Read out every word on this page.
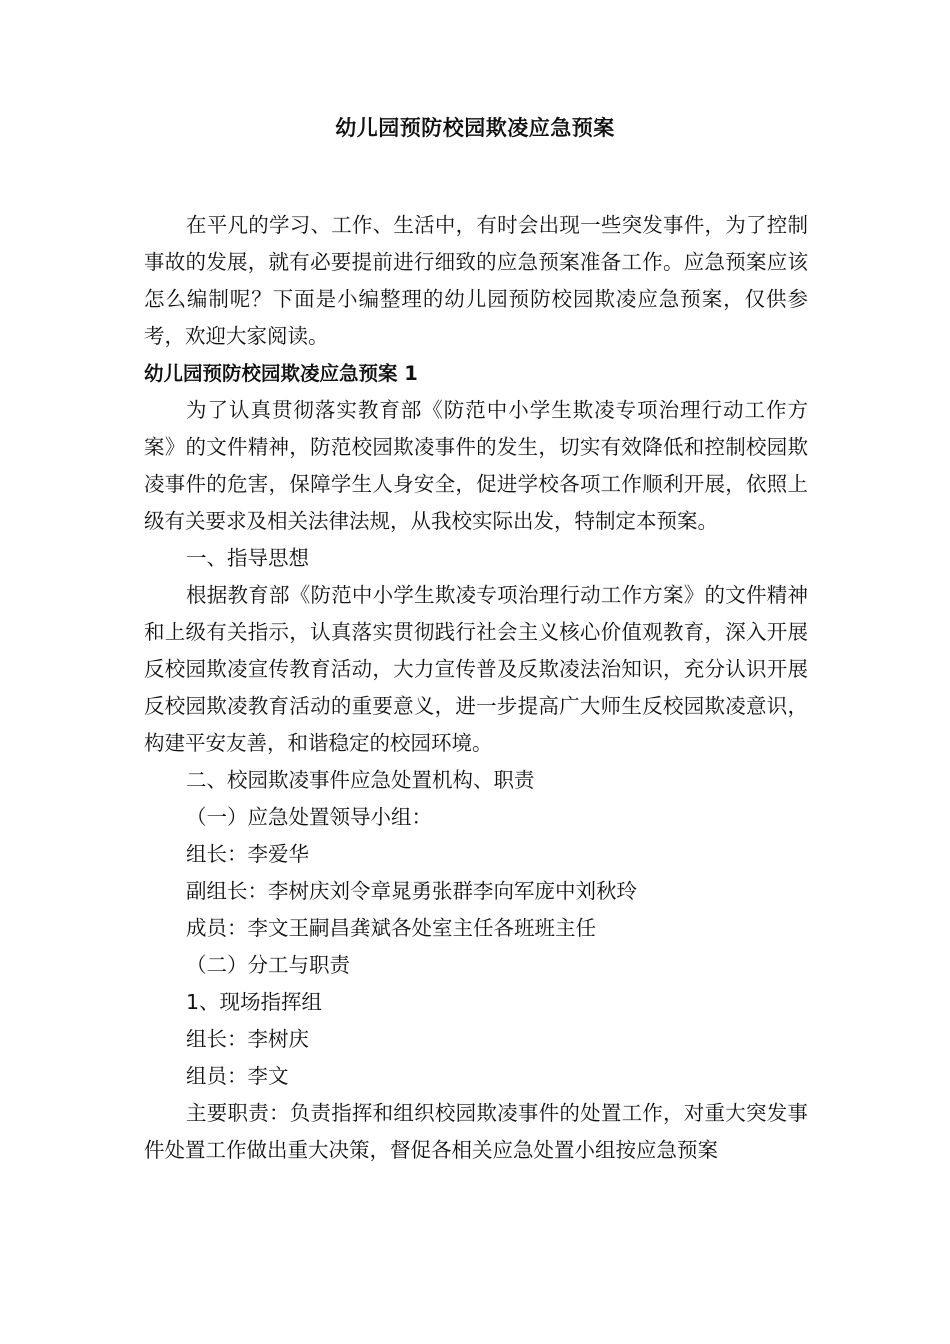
幼儿园预防校园欺凌应急预案

在平凡的学习、工作、生活中，有时会出现一些突发事件，为了控制事故的发展，就有必要提前进行细致的应急预案准备工作。应急预案应该怎么编制呢？下面是小编整理的幼儿园预防校园欺凌应急预案，仅供参考，欢迎大家阅读。

幼儿园预防校园欺凌应急预案 1

为了认真贯彻落实教育部《防范中小学生欺凌专项治理行动工作方案》的文件精神，防范校园欺凌事件的发生，切实有效降低和控制校园欺凌事件的危害，保障学生人身安全，促进学校各项工作顺利开展，依照上级有关要求及相关法律法规，从我校实际出发，特制定本预案。

一、指导思想

根据教育部《防范中小学生欺凌专项治理行动工作方案》的文件精神和上级有关指示，认真落实贯彻践行社会主义核心价值观教育，深入开展反校园欺凌宣传教育活动，大力宣传普及反欺凌法治知识，充分认识开展反校园欺凌教育活动的重要意义，进一步提高广大师生反校园欺凌意识，构建平安友善，和谐稳定的校园环境。

二、校园欺凌事件应急处置机构、职责

（一）应急处置领导小组：

组长：李爱华

副组长：李树庆刘令章晁勇张群李向军庞中刘秋玲

成员：李文王嗣昌龚斌各处室主任各班班主任

（二）分工与职责

1、现场指挥组

组长：李树庆

组员：李文

主要职责：负责指挥和组织校园欺凌事件的处置工作，对重大突发事件处置工作做出重大决策，督促各相关应急处置小组按应急预案
